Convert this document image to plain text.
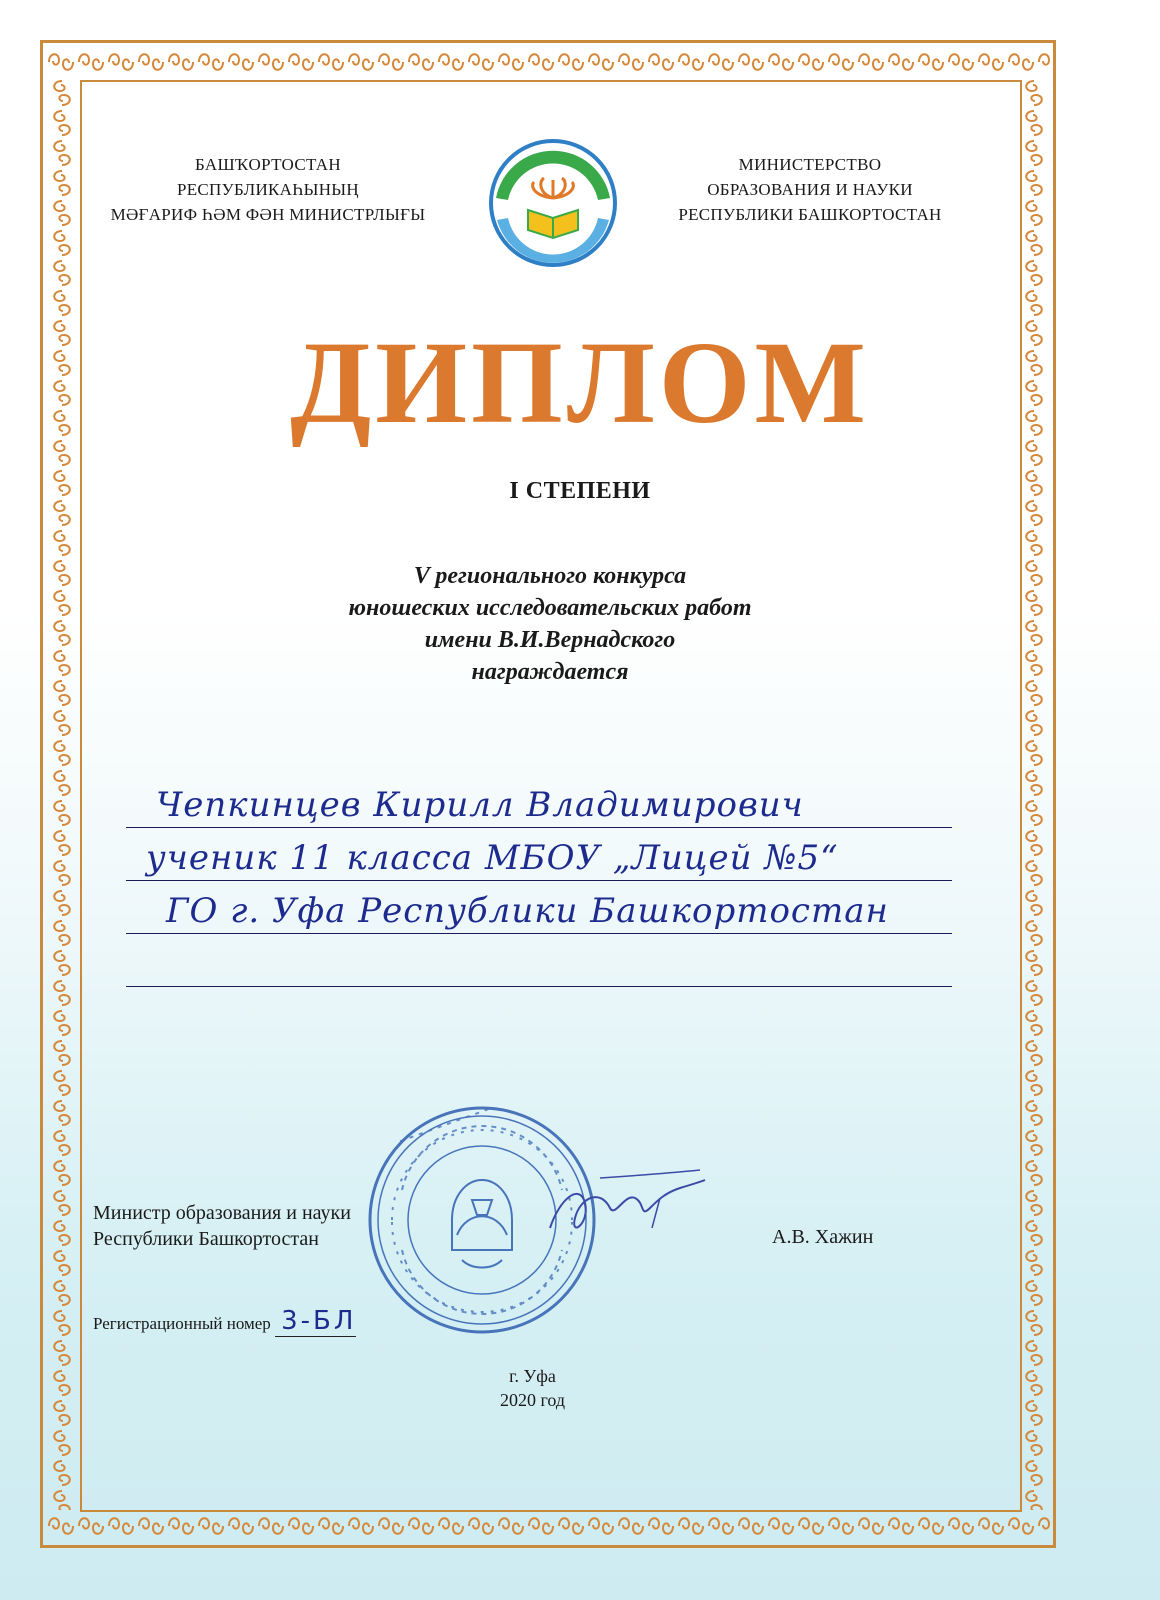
БАШҠОРТОСТАН
РЕСПУБЛИКАҺЫНЫҢ
МӘҒАРИФ ҺӘМ ФӘН МИНИСТРЛЫҒЫ
МИНИСТЕРСТВО
ОБРАЗОВАНИЯ И НАУКИ
РЕСПУБЛИКИ БАШКОРТОСТАН
ДИПЛОМ
I СТЕПЕНИ
V регионального конкурса
юношеских исследовательских работ
имени В.И.Вернадского
награждается
Чепкинцев Кирилл Владимирович
ученик 11 класса МБОУ „Лицей №5“
ГО г. Уфа Республики Башкортостан
Министр образования и науки
Республики Башкортостан	А.В. Хажин
Регистрационный номер 3-БЛ
г. Уфа
2020 год
